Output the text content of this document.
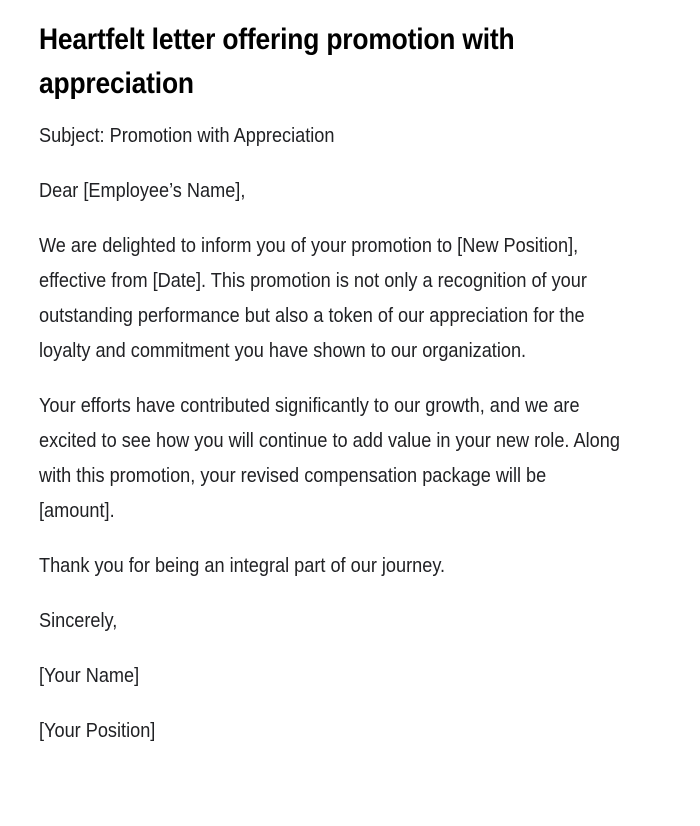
Heartfelt letter offering promotion with appreciation

Subject: Promotion with Appreciation

Dear [Employee’s Name],

We are delighted to inform you of your promotion to [New Position], effective from [Date]. This promotion is not only a recognition of your outstanding performance but also a token of our appreciation for the loyalty and commitment you have shown to our organization.

Your efforts have contributed significantly to our growth, and we are excited to see how you will continue to add value in your new role. Along with this promotion, your revised compensation package will be [amount].

Thank you for being an integral part of our journey.

Sincerely,

[Your Name]

[Your Position]
